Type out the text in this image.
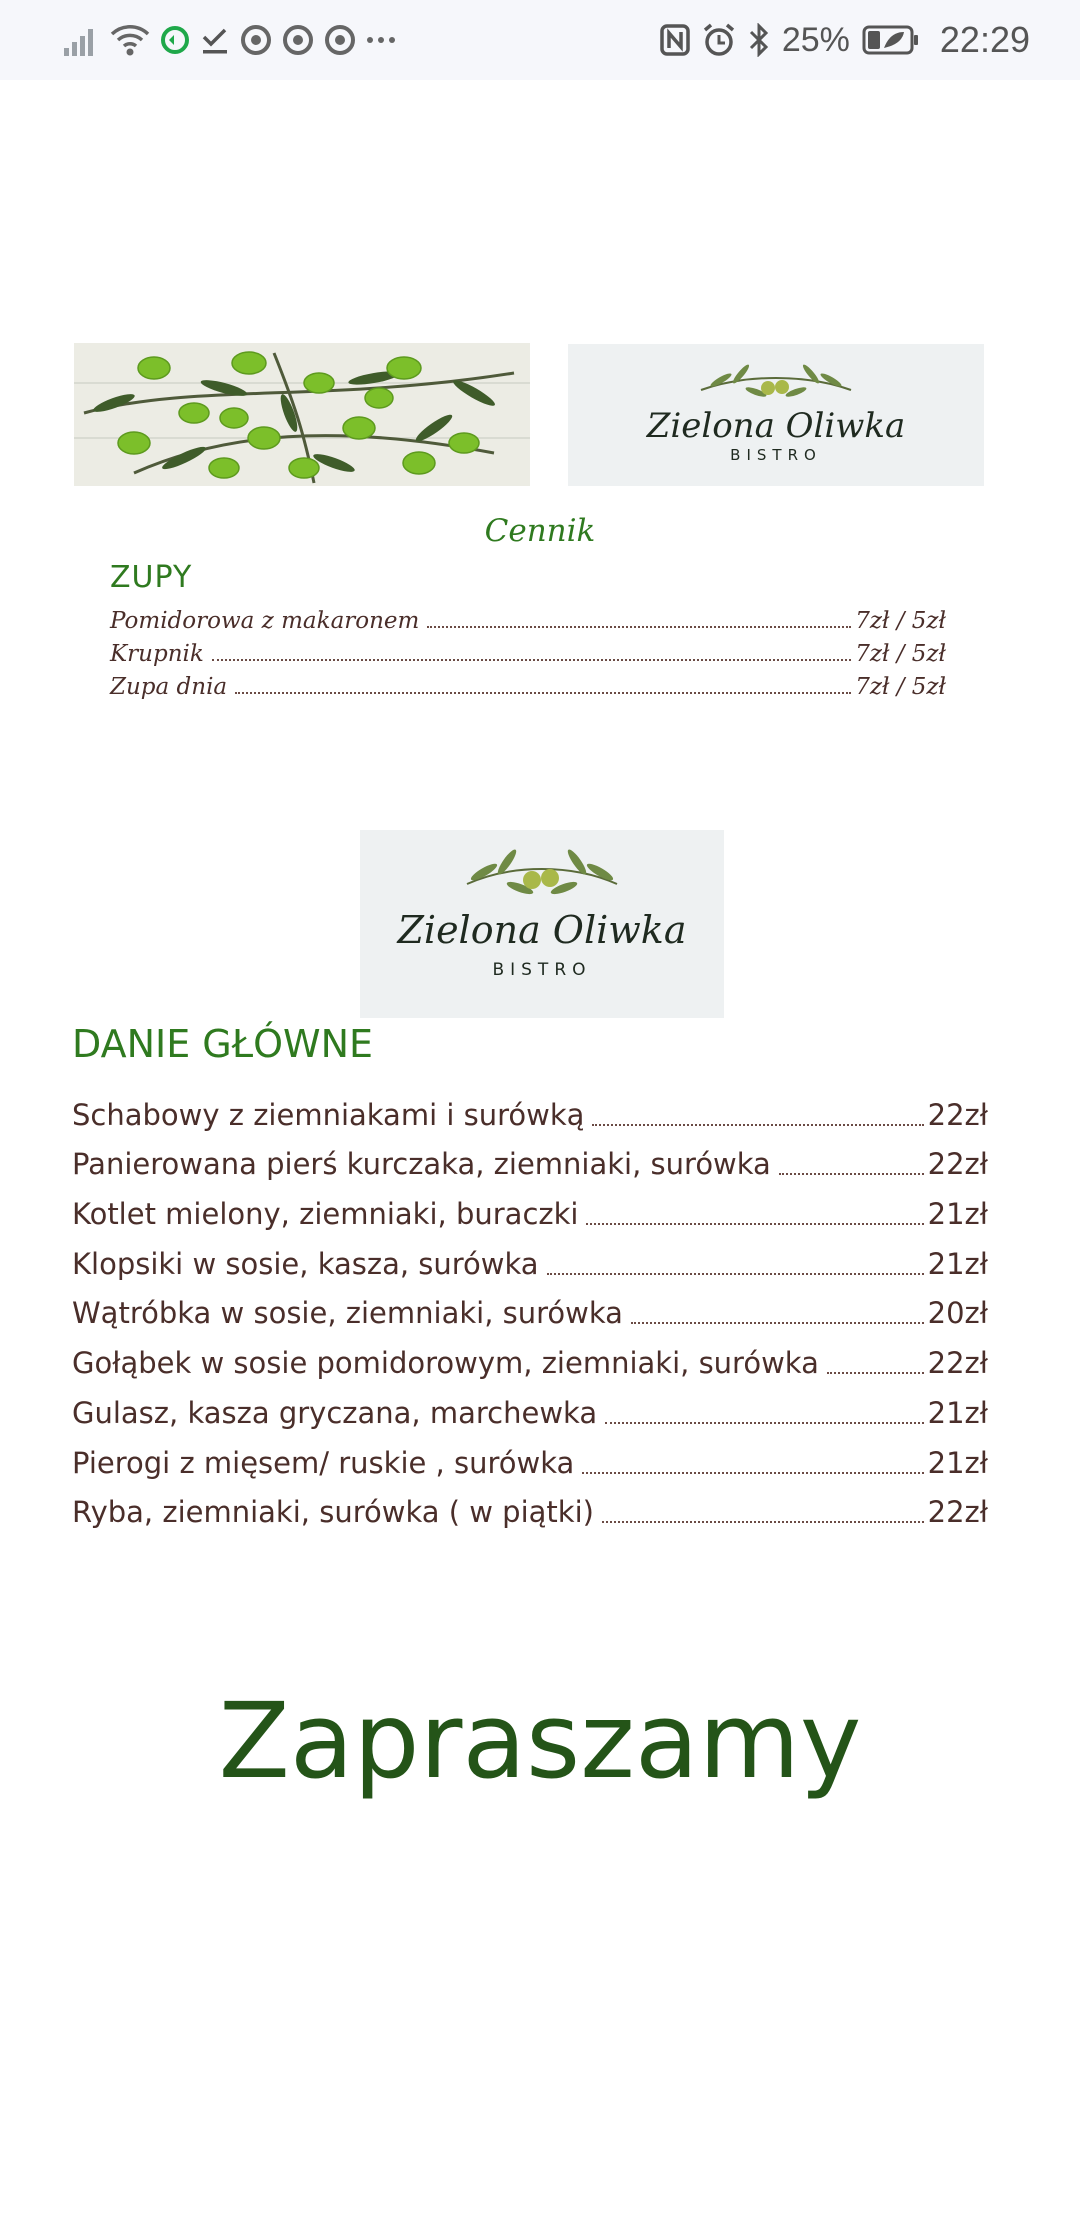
25%	22:29
Zielona Oliwka
BISTRO
Cennik
ZUPY
Pomidorowa z makaronem	7zł / 5zł
Krupnik	7zł / 5zł
Zupa dnia	7zł / 5zł
Zielona Oliwka
BISTRO
DANIE GŁÓWNE
Schabowy z ziemniakami i surówką	22zł
Panierowana pierś kurczaka, ziemniaki, surówka	22zł
Kotlet mielony, ziemniaki, buraczki	21zł
Klopsiki w sosie, kasza, surówka	21zł
Wątróbka w sosie, ziemniaki, surówka	20zł
Gołąbek w sosie pomidorowym, ziemniaki, surówka	22zł
Gulasz, kasza gryczana, marchewka	21zł
Pierogi z mięsem/ ruskie , surówka	21zł
Ryba, ziemniaki, surówka ( w piątki)	22zł
Zapraszamy
